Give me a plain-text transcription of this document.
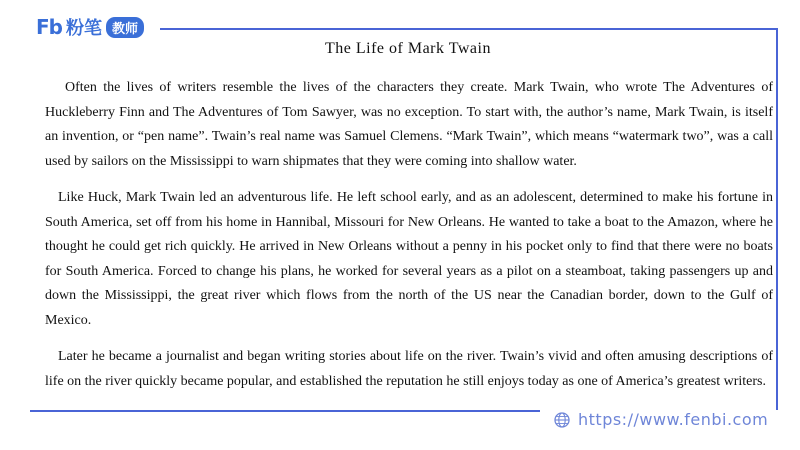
Fb 粉笔 教师
The Life of Mark Twain

Often the lives of writers resemble the lives of the characters they create. Mark Twain, who wrote The Adventures of Huckleberry Finn and The Adventures of Tom Sawyer, was no exception. To start with, the author’s name, Mark Twain, is itself an invention, or “pen name”. Twain’s real name was Samuel Clemens. “Mark Twain”, which means “watermark two”, was a call used by sailors on the Mississippi to warn shipmates that they were coming into shallow water.

Like Huck, Mark Twain led an adventurous life. He left school early, and as an adolescent, determined to make his fortune in South America, set off from his home in Hannibal, Missouri for New Orleans. He wanted to take a boat to the Amazon, where he thought he could get rich quickly. He arrived in New Orleans without a penny in his pocket only to find that there were no boats for South America. Forced to change his plans, he worked for several years as a pilot on a steamboat, taking passengers up and down the Mississippi, the great river which flows from the north of the US near the Canadian border, down to the Gulf of Mexico.

Later he became a journalist and began writing stories about life on the river. Twain’s vivid and often amusing descriptions of life on the river quickly became popular, and established the reputation he still enjoys today as one of America’s greatest writers.

https://www.fenbi.com
